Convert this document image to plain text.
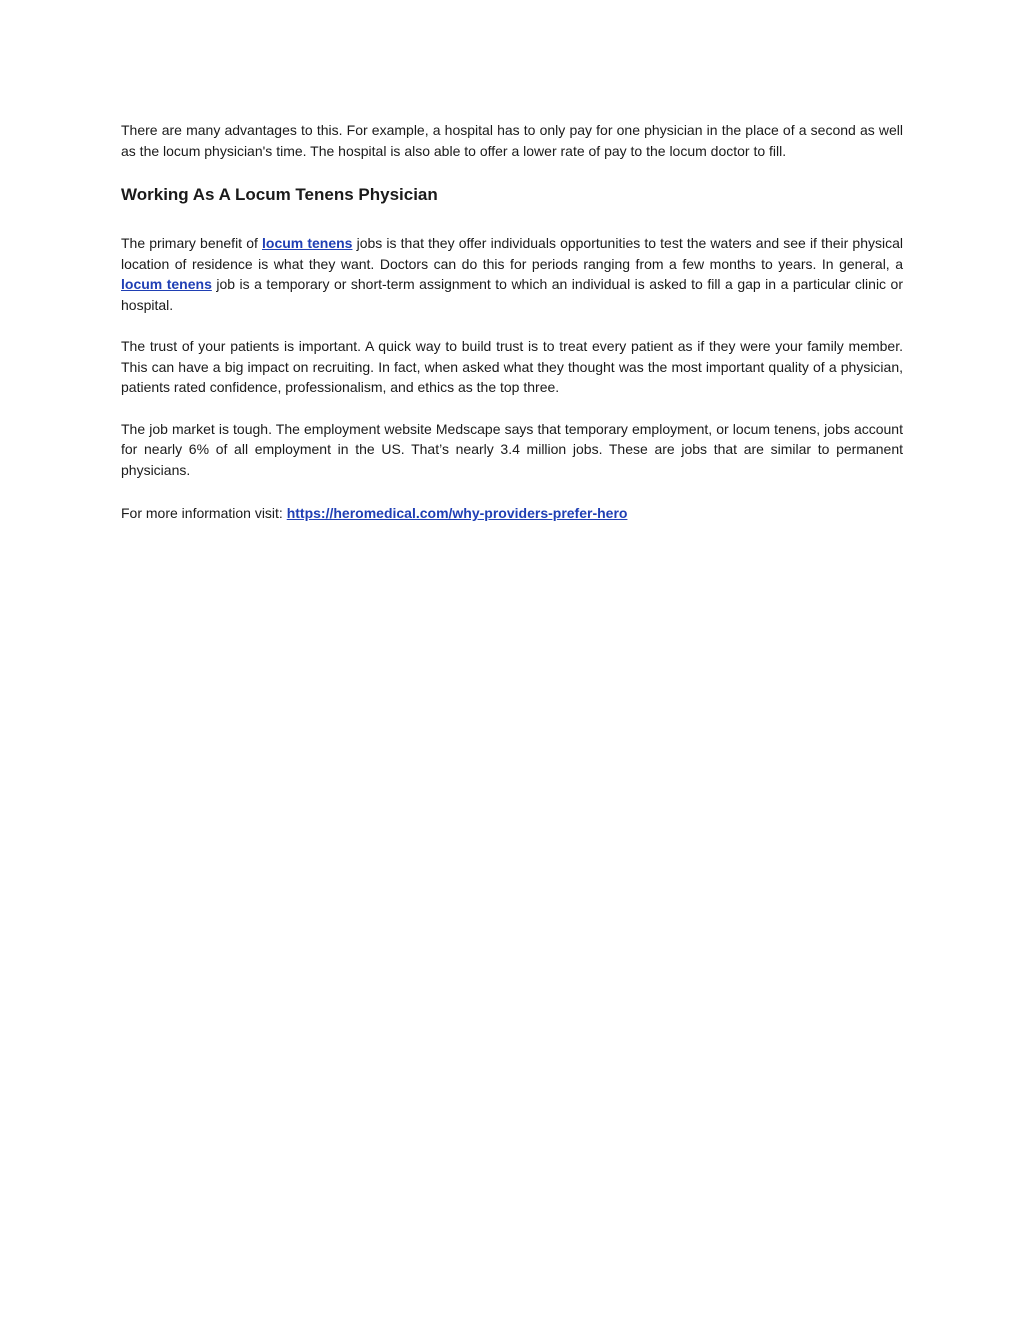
There are many advantages to this. For example, a hospital has to only pay for one physician in the place of a second as well as the locum physician's time. The hospital is also able to offer a lower rate of pay to the locum doctor to fill.

Working As A Locum Tenens Physician

The primary benefit of locum tenens jobs is that they offer individuals opportunities to test the waters and see if their physical location of residence is what they want. Doctors can do this for periods ranging from a few months to years. In general, a locum tenens job is a temporary or short-term assignment to which an individual is asked to fill a gap in a particular clinic or hospital.

The trust of your patients is important. A quick way to build trust is to treat every patient as if they were your family member. This can have a big impact on recruiting. In fact, when asked what they thought was the most important quality of a physician, patients rated confidence, professionalism, and ethics as the top three.

The job market is tough. The employment website Medscape says that temporary employment, or locum tenens, jobs account for nearly 6% of all employment in the US. That’s nearly 3.4 million jobs. These are jobs that are similar to permanent physicians.

For more information visit: https://heromedical.com/why-providers-prefer-hero
